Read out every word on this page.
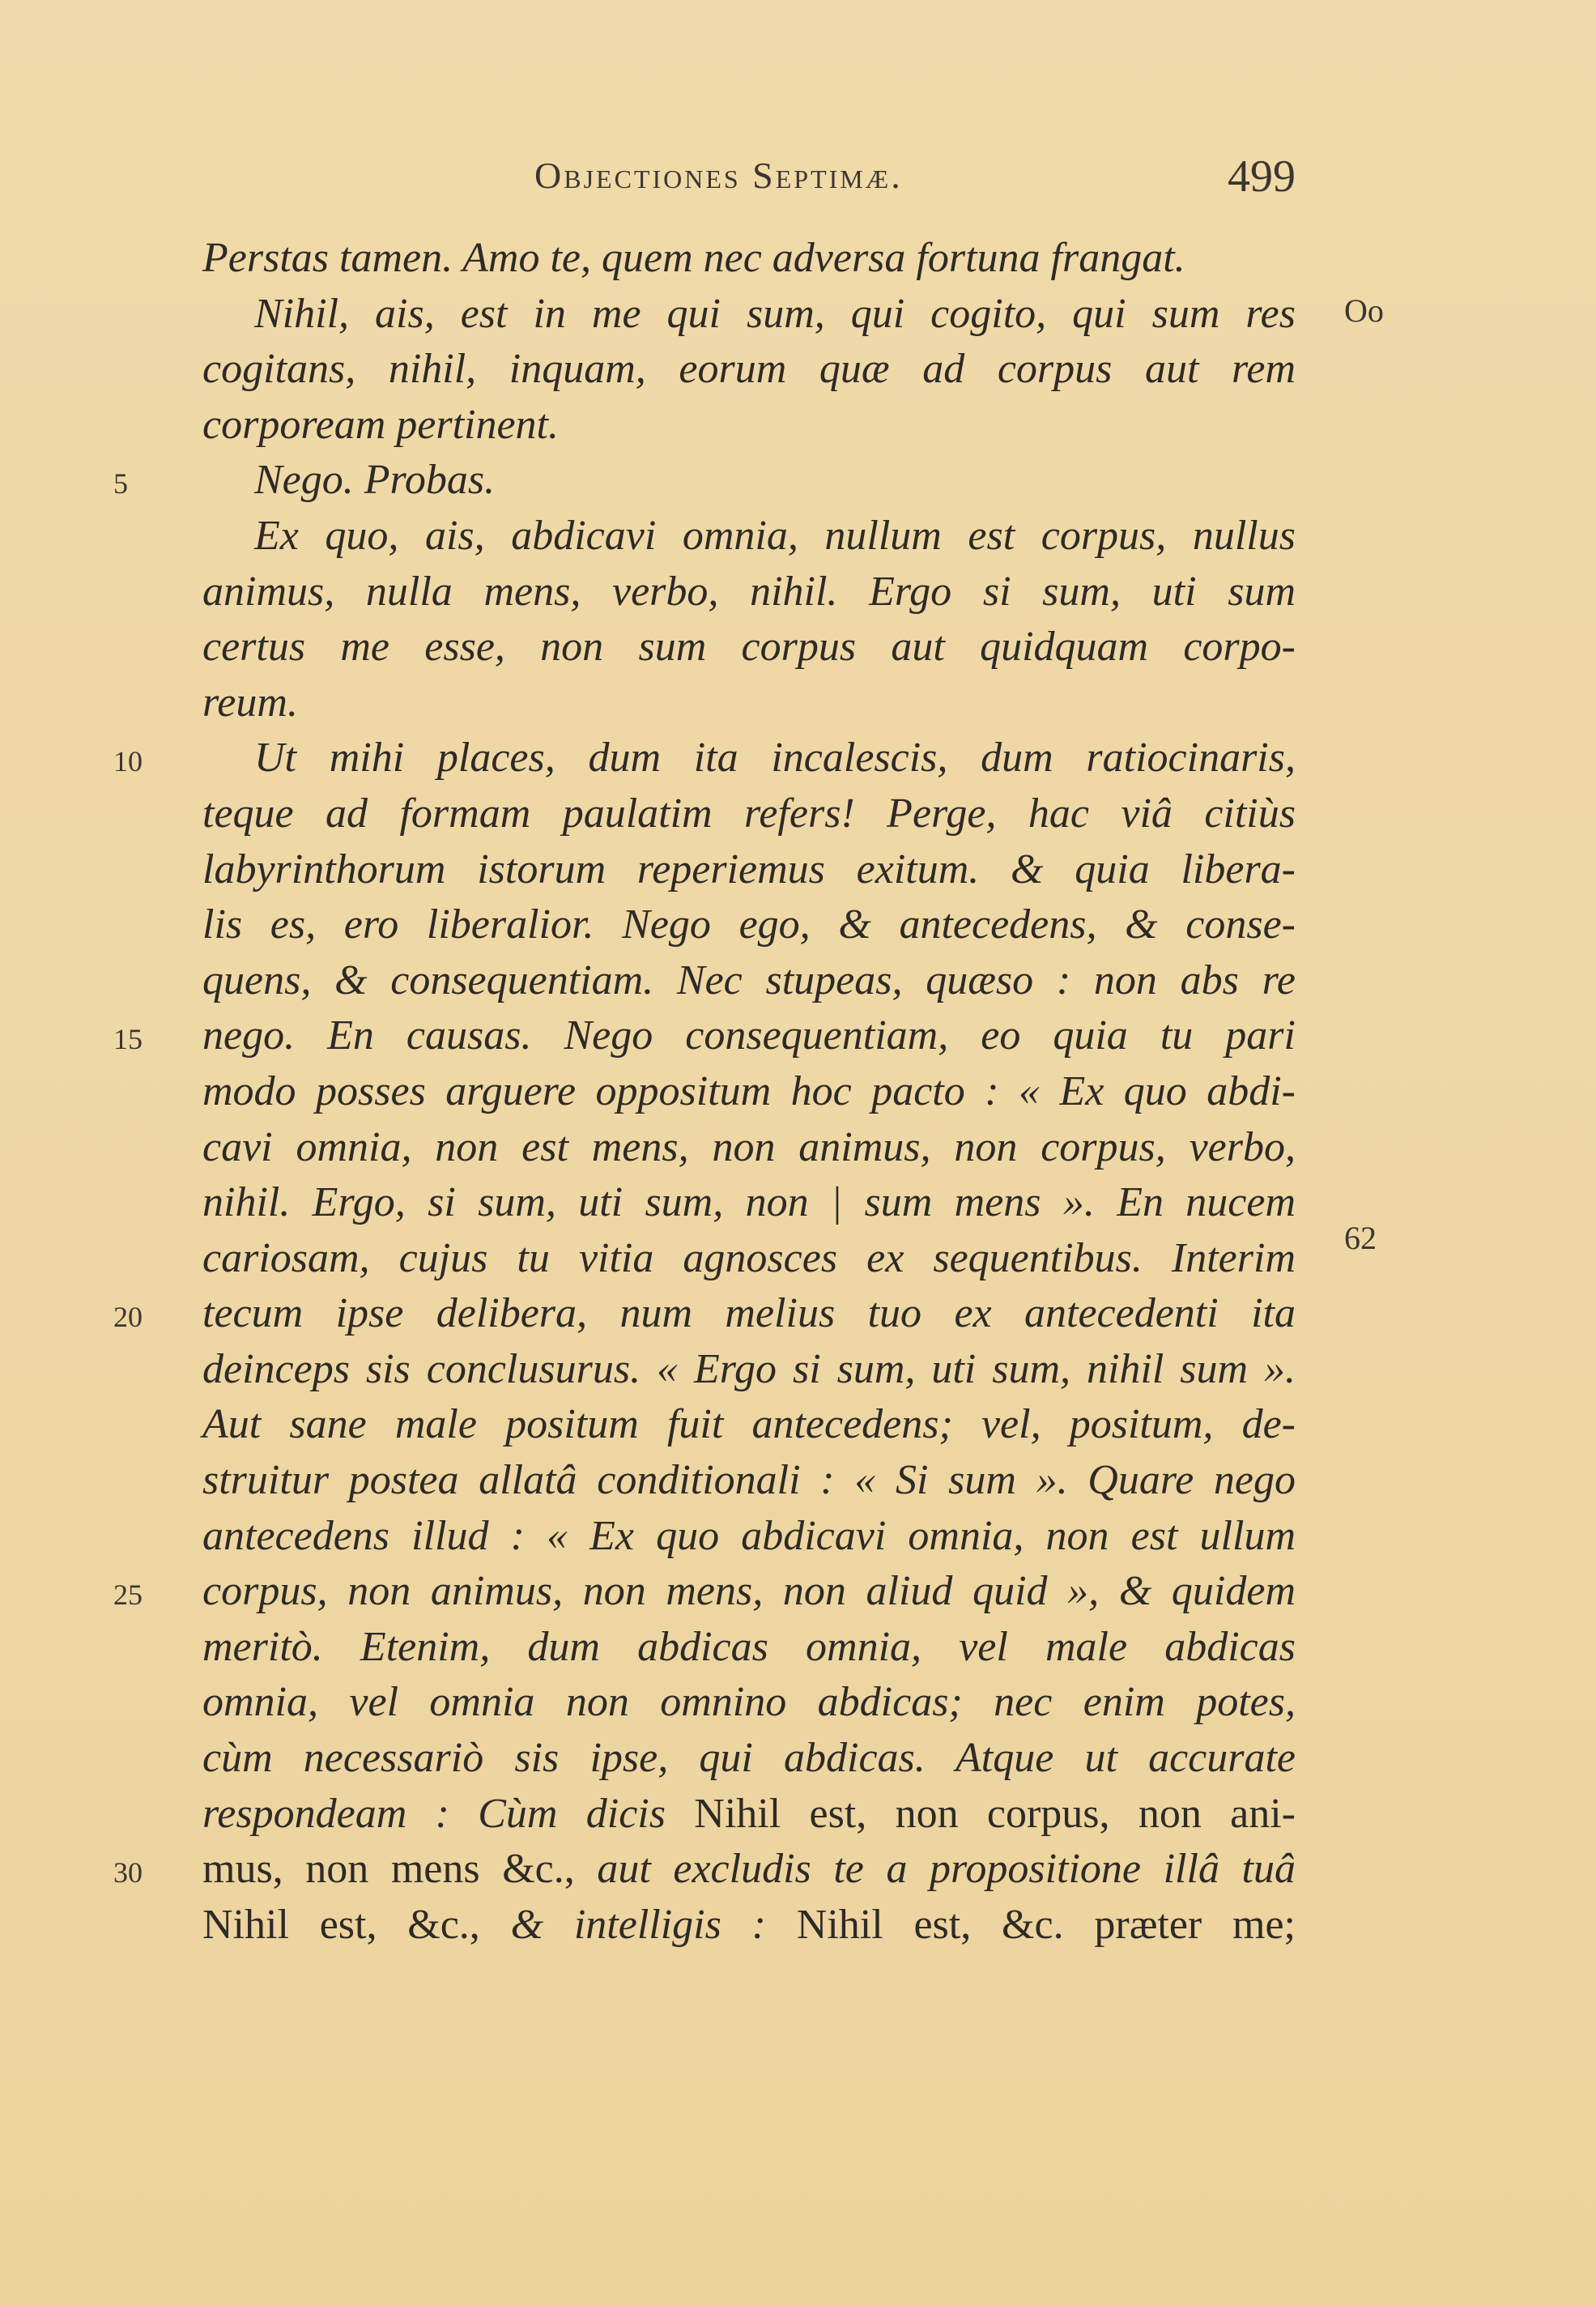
Objectiones Septimæ.	499
Oo
62
5
10
15
20
25
30
Perstas tamen. Amo te, quem nec adversa fortuna frangat.
Nihil, ais, est in me qui sum, qui cogito, qui sum res
cogitans, nihil, inquam, eorum quæ ad corpus aut rem
corpoream pertinent.
Nego. Probas.
Ex quo, ais, abdicavi omnia, nullum est corpus, nullus
animus, nulla mens, verbo, nihil. Ergo si sum, uti sum
certus me esse, non sum corpus aut quidquam corpo-
reum.
Ut mihi places, dum ita incalescis, dum ratiocinaris,
teque ad formam paulatim refers! Perge, hac viâ citiùs
labyrinthorum istorum reperiemus exitum. & quia libera-
lis es, ero liberalior. Nego ego, & antecedens, & conse-
quens, & consequentiam. Nec stupeas, quæso : non abs re
nego. En causas. Nego consequentiam, eo quia tu pari
modo posses arguere oppositum hoc pacto : « Ex quo abdi-
cavi omnia, non est mens, non animus, non corpus, verbo,
nihil. Ergo, si sum, uti sum, non | sum mens ». En nucem
cariosam, cujus tu vitia agnosces ex sequentibus. Interim
tecum ipse delibera, num melius tuo ex antecedenti ita
deinceps sis conclusurus. « Ergo si sum, uti sum, nihil sum ».
Aut sane male positum fuit antecedens; vel, positum, de-
struitur postea allatâ conditionali : « Si sum ». Quare nego
antecedens illud : « Ex quo abdicavi omnia, non est ullum
corpus, non animus, non mens, non aliud quid », & quidem
meritò. Etenim, dum abdicas omnia, vel male abdicas
omnia, vel omnia non omnino abdicas; nec enim potes,
cùm necessariò sis ipse, qui abdicas. Atque ut accurate
respondeam : Cùm dicis Nihil est, non corpus, non ani-
mus, non mens &c., aut excludis te a propositione illâ tuâ
Nihil est, &c., & intelligis : Nihil est, &c. præter me;
